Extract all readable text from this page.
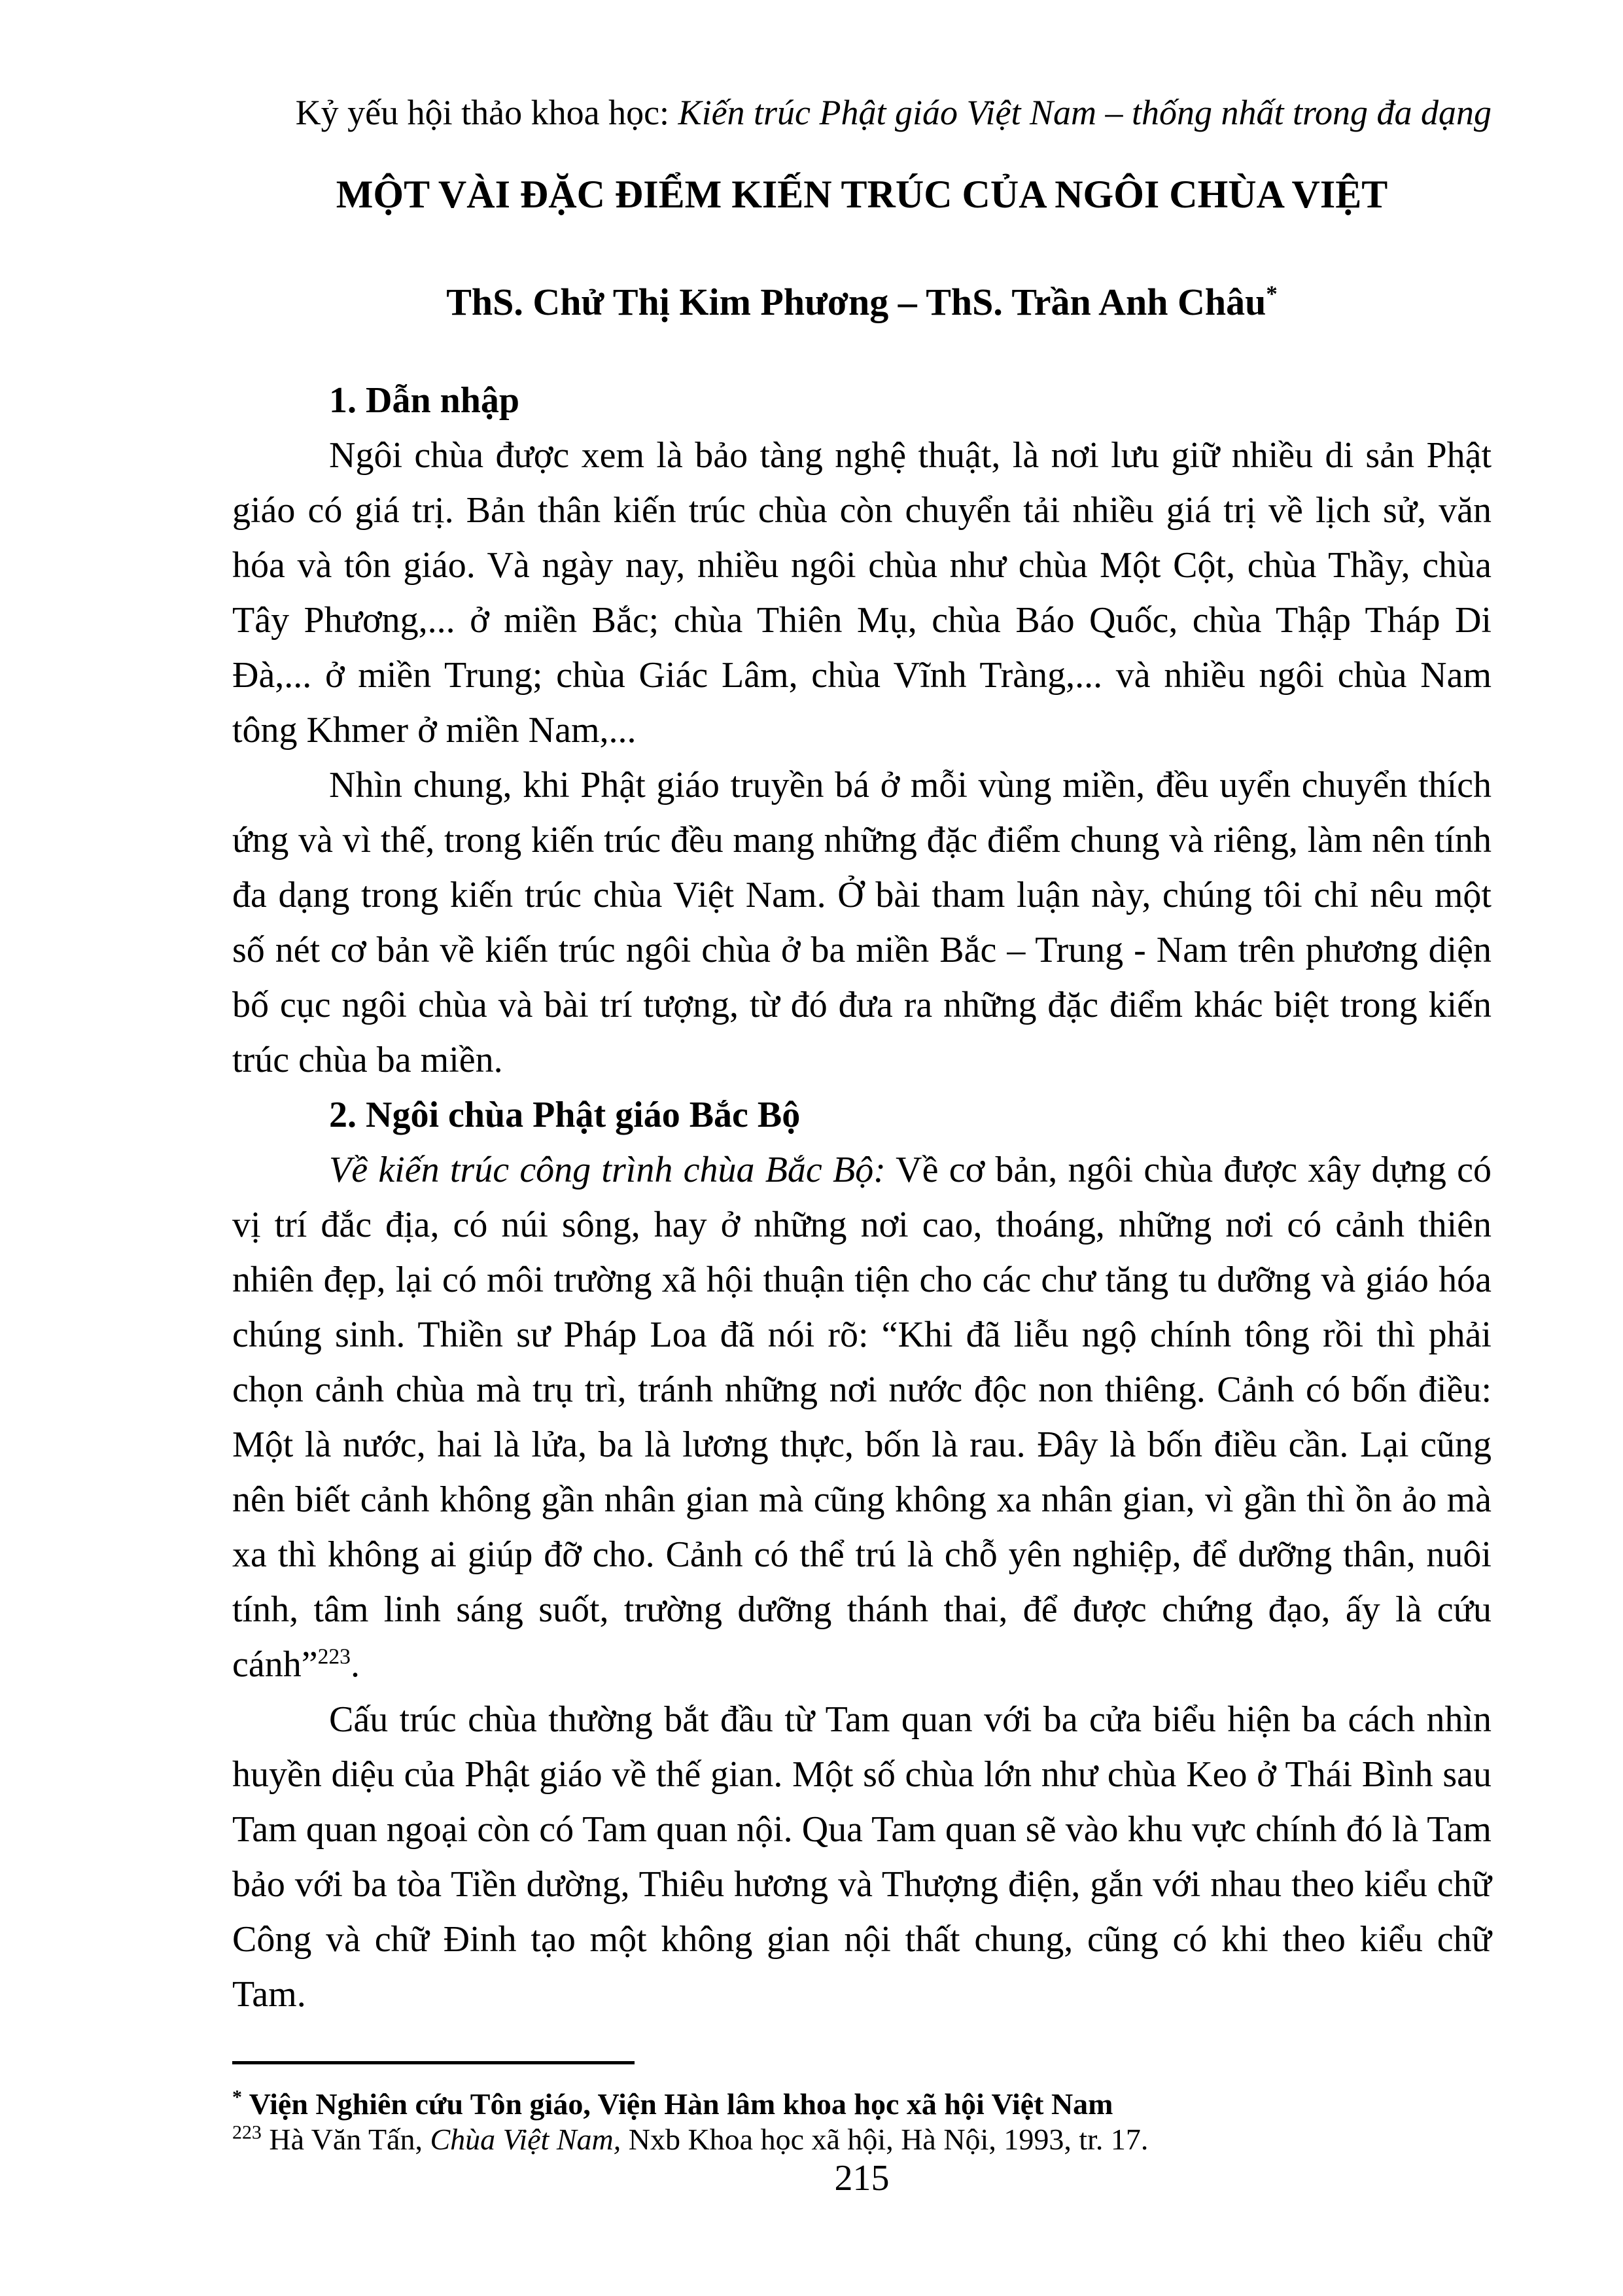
Kỷ yếu hội thảo khoa học: Kiến trúc Phật giáo Việt Nam – thống nhất trong đa dạng
MỘT VÀI ĐẶC ĐIỂM KIẾN TRÚC CỦA NGÔI CHÙA VIỆT
ThS. Chử Thị Kim Phương – ThS. Trần Anh Châu*
1. Dẫn nhập

Ngôi chùa được xem là bảo tàng nghệ thuật, là nơi lưu giữ nhiều di sản Phật giáo có giá trị. Bản thân kiến trúc chùa còn chuyển tải nhiều giá trị về lịch sử, văn hóa và tôn giáo. Và ngày nay, nhiều ngôi chùa như chùa Một Cột, chùa Thầy, chùa Tây Phương,... ở miền Bắc; chùa Thiên Mụ, chùa Báo Quốc, chùa Thập Tháp Di Đà,... ở miền Trung; chùa Giác Lâm, chùa Vĩnh Tràng,... và nhiều ngôi chùa Nam tông Khmer ở miền Nam,...

Nhìn chung, khi Phật giáo truyền bá ở mỗi vùng miền, đều uyển chuyển thích ứng và vì thế, trong kiến trúc đều mang những đặc điểm chung và riêng, làm nên tính đa dạng trong kiến trúc chùa Việt Nam. Ở bài tham luận này, chúng tôi chỉ nêu một số nét cơ bản về kiến trúc ngôi chùa ở ba miền Bắc – Trung - Nam trên phương diện bố cục ngôi chùa và bài trí tượng, từ đó đưa ra những đặc điểm khác biệt trong kiến trúc chùa ba miền.

2. Ngôi chùa Phật giáo Bắc Bộ

Về kiến trúc công trình chùa Bắc Bộ: Về cơ bản, ngôi chùa được xây dựng có vị trí đắc địa, có núi sông, hay ở những nơi cao, thoáng, những nơi có cảnh thiên nhiên đẹp, lại có môi trường xã hội thuận tiện cho các chư tăng tu dưỡng và giáo hóa chúng sinh. Thiền sư Pháp Loa đã nói rõ: “Khi đã liễu ngộ chính tông rồi thì phải chọn cảnh chùa mà trụ trì, tránh những nơi nước độc non thiêng. Cảnh có bốn điều: Một là nước, hai là lửa, ba là lương thực, bốn là rau. Đây là bốn điều cần. Lại cũng nên biết cảnh không gần nhân gian mà cũng không xa nhân gian, vì gần thì ồn ảo mà xa thì không ai giúp đỡ cho. Cảnh có thể trú là chỗ yên nghiệp, để dưỡng thân, nuôi tính, tâm linh sáng suốt, trường dưỡng thánh thai, để được chứng đạo, ấy là cứu cánh”$^{223}$.

Cấu trúc chùa thường bắt đầu từ Tam quan với ba cửa biểu hiện ba cách nhìn huyền diệu của Phật giáo về thế gian. Một số chùa lớn như chùa Keo ở Thái Bình sau Tam quan ngoại còn có Tam quan nội. Qua Tam quan sẽ vào khu vực chính đó là Tam bảo với ba tòa Tiền dường, Thiêu hương và Thượng điện, gắn với nhau theo kiểu chữ Công và chữ Đinh tạo một không gian nội thất chung, cũng có khi theo kiểu chữ Tam.

* Viện Nghiên cứu Tôn giáo, Viện Hàn lâm khoa học xã hội Việt Nam

$^{223}$ Hà Văn Tấn, Chùa Việt Nam, Nxb Khoa học xã hội, Hà Nội, 1993, tr. 17.

215
